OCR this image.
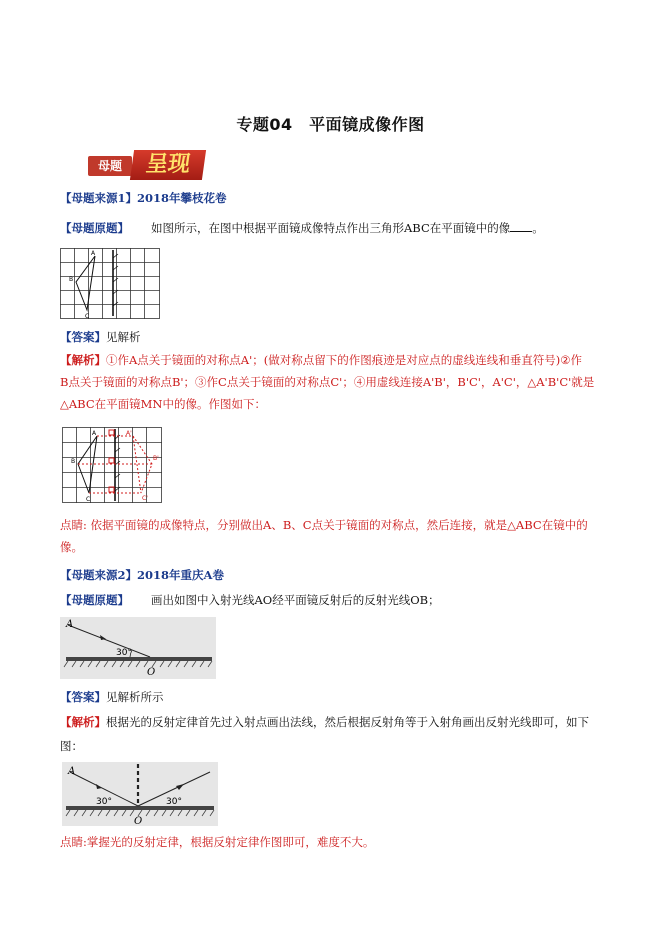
专题04　平面镜成像作图
母题	呈现
【母题来源1】2018年攀枝花卷
【母题原题】 如图所示，在图中根据平面镜成像特点作出三角形ABC在平面镜中的像 。
A
B
C
【答案】见解析
【解析】①作A点关于镜面的对称点A'；(做对称点留下的作图痕迹是对应点的虚线连线和垂直符号)②作
B点关于镜面的对称点B'；③作C点关于镜面的对称点C'；④用虚线连接A'B'，B'C'，A'C'，△A'B'C'就是
△ABC在平面镜MN中的像。作图如下：
A
B
C
A'
B'
C'
点睛: 依据平面镜的成像特点，分别做出A、B、C点关于镜面的对称点，然后连接，就是△ABC在镜中的
像。
【母题来源2】2018年重庆A卷
【母题原题】 画出如图中入射光线AO经平面镜反射后的反射光线OB；
A
30°
O
【答案】见解析所示
【解析】根据光的反射定律首先过入射点画出法线，然后根据反射角等于入射角画出反射光线即可，如下
图：
A
30°	30°
O
点睛:掌握光的反射定律，根据反射定律作图即可，难度不大。
